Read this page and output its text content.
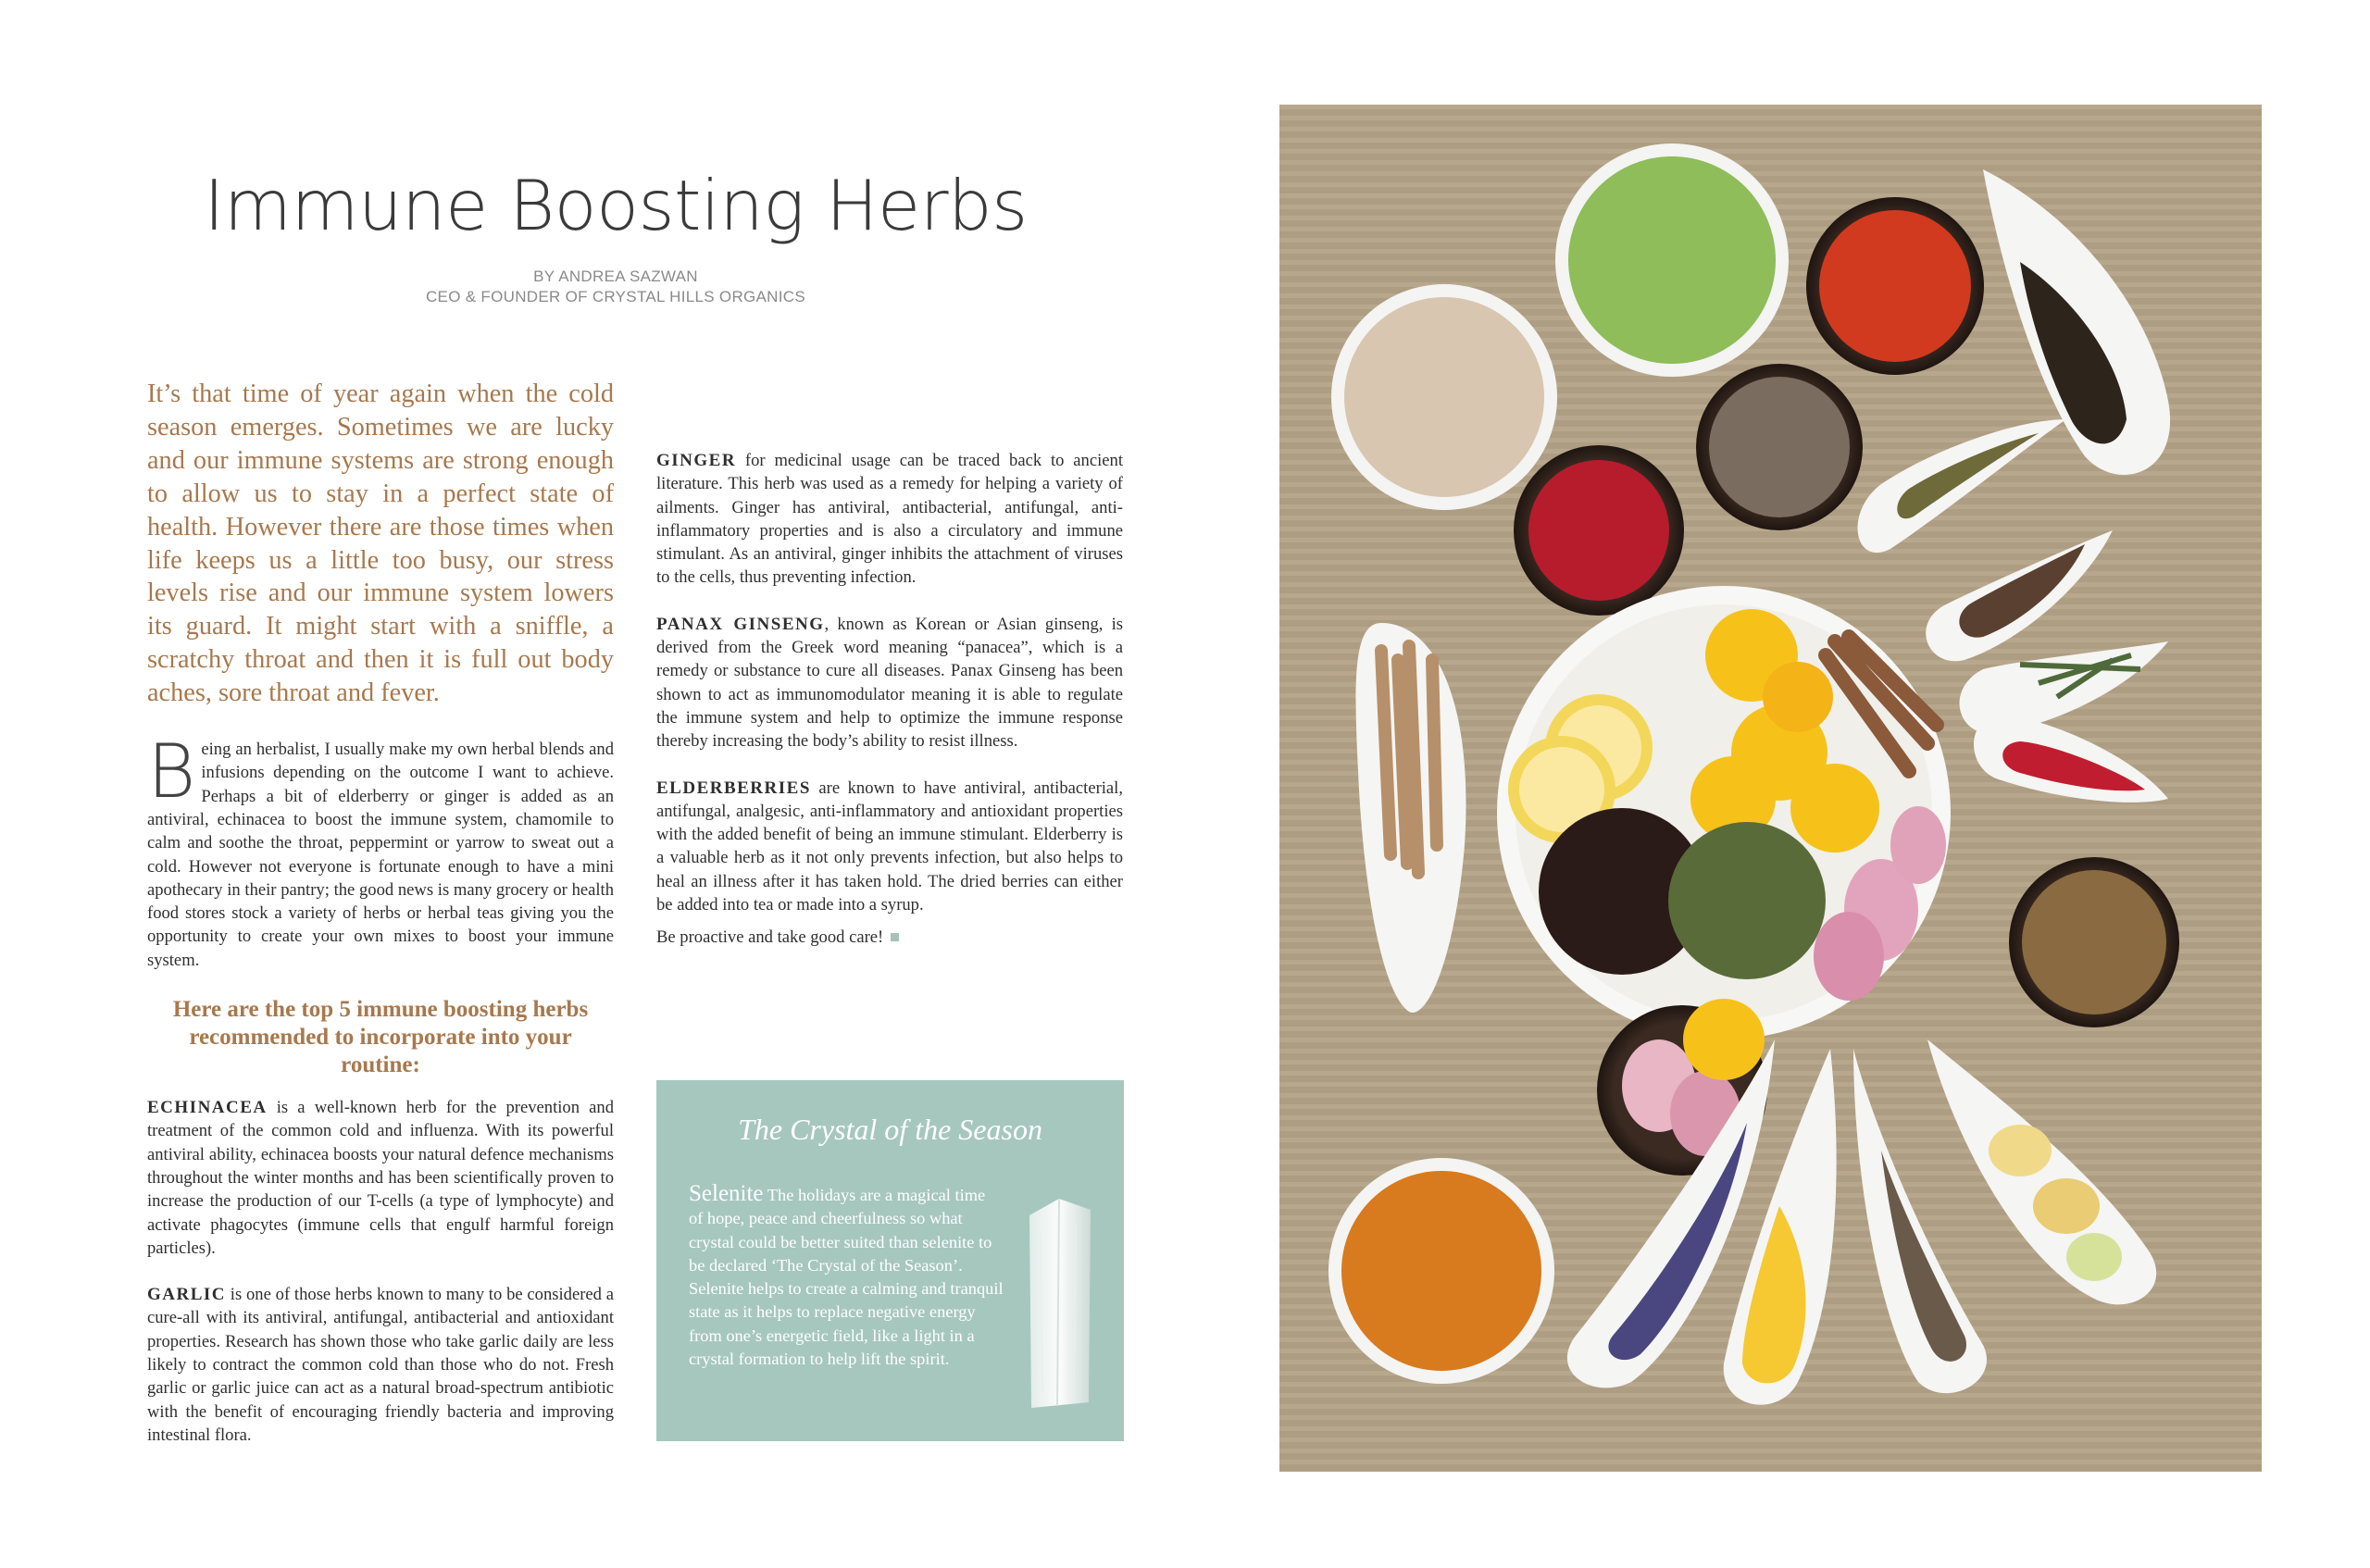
Immune Boosting Herbs
BY ANDREA SAZWAN
CEO & FOUNDER OF CRYSTAL HILLS ORGANICS

It’s that time of year again when the cold season emerges. Sometimes we are lucky and our immune systems are strong enough to allow us to stay in a perfect state of health. However there are those times when life keeps us a little too busy, our stress levels rise and our immune system lowers its guard. It might start with a sniffle, a scratchy throat and then it is full out body aches, sore throat and fever.

Being an herbalist, I usually make my own herbal blends and infusions depending on the outcome I want to achieve. Perhaps a bit of elderberry or ginger is added as an antiviral, echinacea to boost the immune system, chamomile to calm and soothe the throat, peppermint or yarrow to sweat out a cold. However not everyone is fortunate enough to have a mini apothecary in their pantry; the good news is many grocery or health food stores stock a variety of herbs or herbal teas giving you the opportunity to create your own mixes to boost your immune system.

Here are the top 5 immune boosting herbs recommended to incorporate into your routine:

ECHINACEA is a well-known herb for the prevention and treatment of the common cold and influenza. With its powerful antiviral ability, echinacea boosts your natural defence mechanisms throughout the winter months and has been scientifically proven to increase the production of our T-cells (a type of lymphocyte) and activate phagocytes (immune cells that engulf harmful foreign particles).

GARLIC is one of those herbs known to many to be considered a cure-all with its antiviral, antifungal, antibacterial and antioxidant properties. Research has shown those who take garlic daily are less likely to contract the common cold than those who do not. Fresh garlic or garlic juice can act as a natural broad-spectrum antibiotic with the benefit of encouraging friendly bacteria and improving intestinal flora.

GINGER for medicinal usage can be traced back to ancient literature. This herb was used as a remedy for helping a variety of ailments. Ginger has antiviral, antibacterial, antifungal, anti-inflammatory properties and is also a circulatory and immune stimulant. As an antiviral, ginger inhibits the attachment of viruses to the cells, thus preventing infection.

PANAX GINSENG, known as Korean or Asian ginseng, is derived from the Greek word meaning “panacea”, which is a remedy or substance to cure all diseases. Panax Ginseng has been shown to act as immunomodulator meaning it is able to regulate the immune system and help to optimize the immune response thereby increasing the body’s ability to resist illness.

ELDERBERRIES are known to have antiviral, antibacterial, antifungal, analgesic, anti-inflammatory and antioxidant properties with the added benefit of being an immune stimulant. Elderberry is a valuable herb as it not only prevents infection, but also helps to heal an illness after it has taken hold. The dried berries can either be added into tea or made into a syrup.

Be proactive and take good care!

The Crystal of the Season

Selenite The holidays are a magical time of hope, peace and cheerfulness so what crystal could be better suited than selenite to be declared ‘The Crystal of the Season’. Selenite helps to create a calming and tranquil state as it helps to replace negative energy from one’s energetic field, like a light in a crystal formation to help lift the spirit.
